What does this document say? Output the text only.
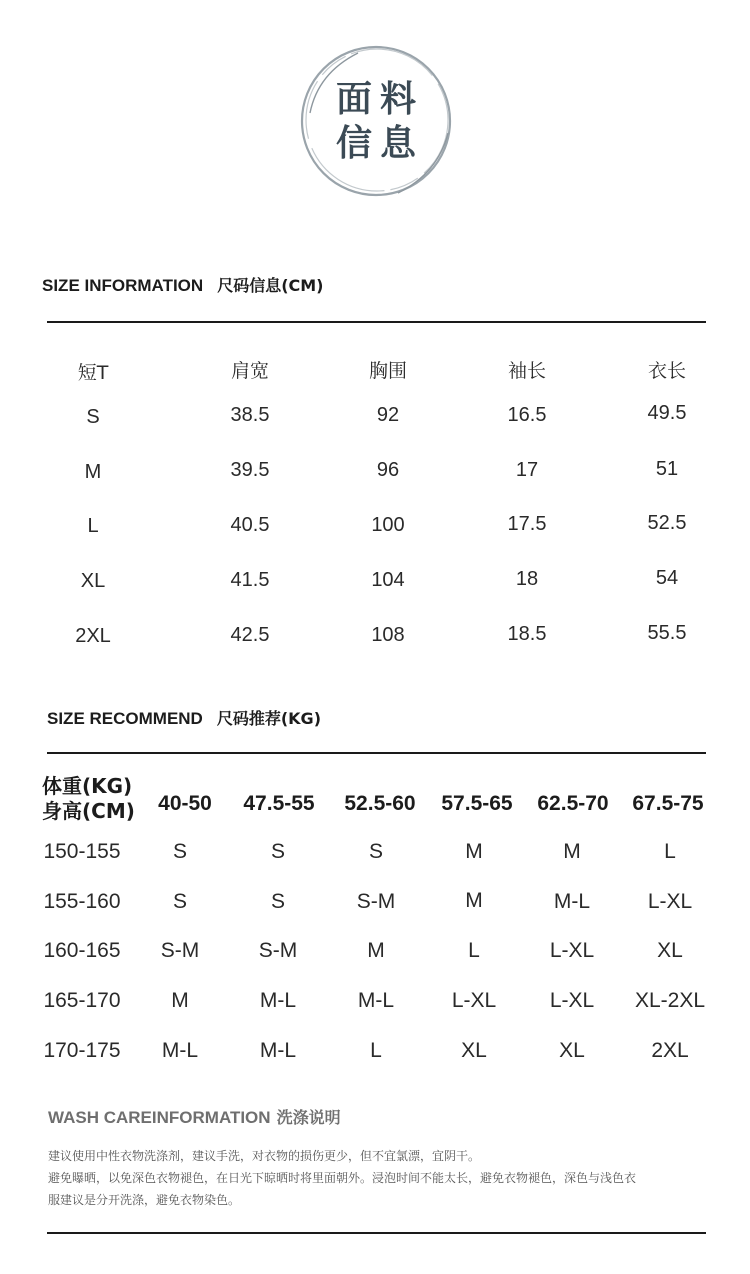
面料
信息
SIZE INFORMATION 尺码信息(CM)
短T	肩宽	胸围	袖长	衣长
S	38.5	92	16.5	49.5
M	39.5	96	17	51
L	40.5	100	17.5	52.5
XL	41.5	104	18	54
2XL	42.5	108	18.5	55.5
SIZE RECOMMEND 尺码推荐(KG)
体重(KG)
身高(CM)	40-50	47.5-55	52.5-60	57.5-65	62.5-70	67.5-75
150-155	S	S	S	M	M	L
155-160	S	S	S-M	M	M-L	L-XL
160-165	S-M	S-M	M	L	L-XL	XL
165-170	M	M-L	M-L	L-XL	L-XL	XL-2XL
170-175	M-L	M-L	L	XL	XL	2XL
WASH CAREINFORMATION 洗涤说明
建议使用中性衣物洗涤剂，建议手洗，对衣物的损伤更少，但不宜氯漂，宜阴干。
避免曝晒，以免深色衣物褪色，在日光下晾晒时将里面朝外。浸泡时间不能太长，避免衣物褪色，深色与浅色衣
服建议是分开洗涤，避免衣物染色。
